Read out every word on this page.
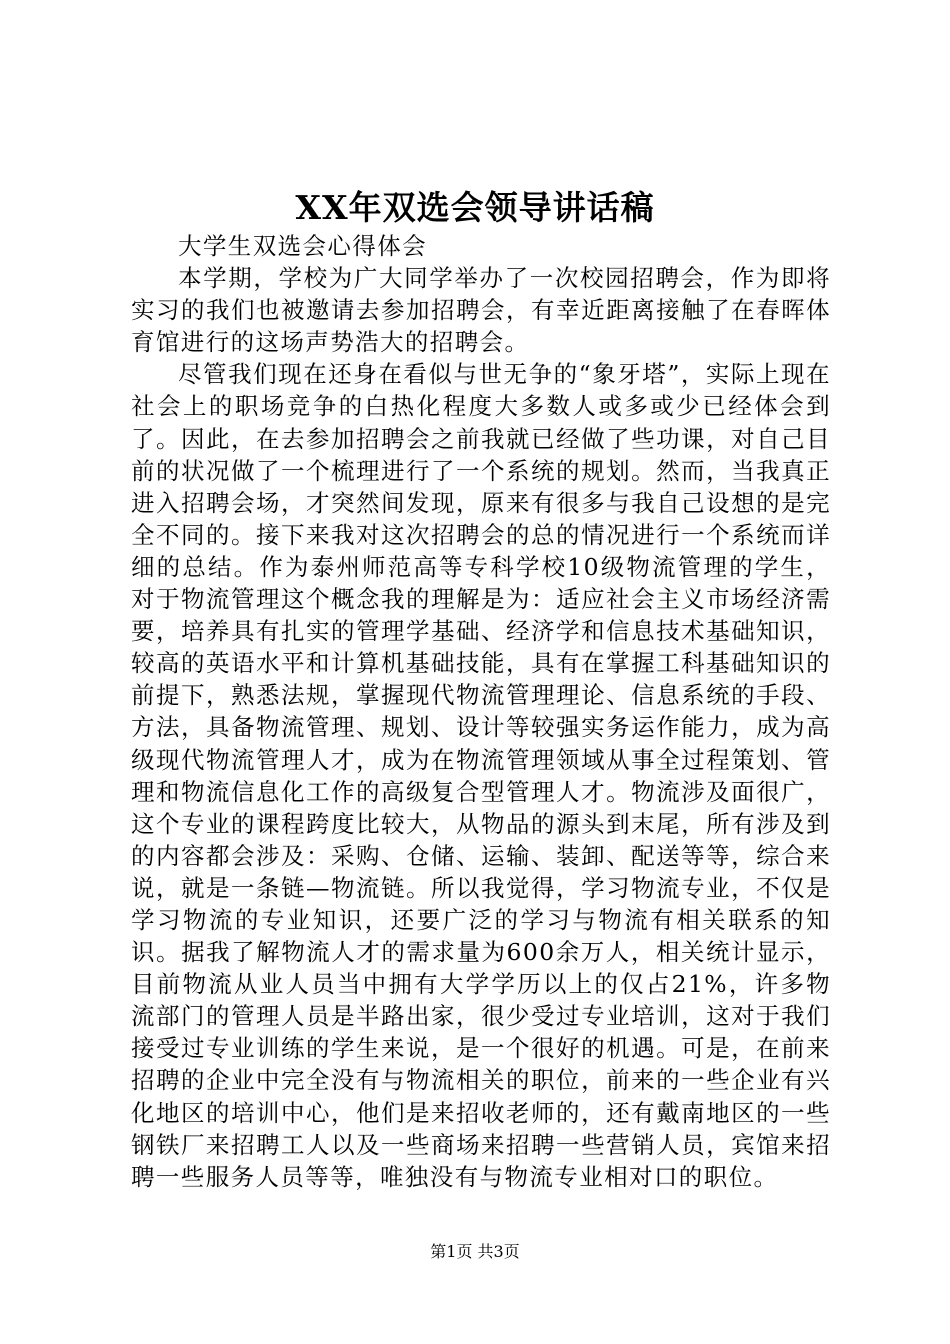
XX年双选会领导讲话稿

大学生双选会心得体会

本学期，学校为广大同学举办了一次校园招聘会，作为即将实习的我们也被邀请去参加招聘会，有幸近距离接触了在春晖体育馆进行的这场声势浩大的招聘会。

尽管我们现在还身在看似与世无争的“象牙塔”，实际上现在社会上的职场竞争的白热化程度大多数人或多或少已经体会到了。因此，在去参加招聘会之前我就已经做了些功课，对自己目前的状况做了一个梳理进行了一个系统的规划。然而，当我真正进入招聘会场，才突然间发现，原来有很多与我自己设想的是完全不同的。接下来我对这次招聘会的总的情况进行一个系统而详细的总结。作为泰州师范高等专科学校10级物流管理的学生，对于物流管理这个概念我的理解是为：适应社会主义市场经济需要，培养具有扎实的管理学基础、经济学和信息技术基础知识，较高的英语水平和计算机基础技能，具有在掌握工科基础知识的前提下，熟悉法规，掌握现代物流管理理论、信息系统的手段、方法，具备物流管理、规划、设计等较强实务运作能力，成为高级现代物流管理人才，成为在物流管理领域从事全过程策划、管理和物流信息化工作的高级复合型管理人才。物流涉及面很广，这个专业的课程跨度比较大，从物品的源头到末尾，所有涉及到的内容都会涉及：采购、仓储、运输、装卸、配送等等，综合来说，就是一条链—物流链。所以我觉得，学习物流专业，不仅是学习物流的专业知识，还要广泛的学习与物流有相关联系的知识。据我了解物流人才的需求量为600余万人，相关统计显示，目前物流从业人员当中拥有大学学历以上的仅占21%，许多物流部门的管理人员是半路出家，很少受过专业培训，这对于我们接受过专业训练的学生来说，是一个很好的机遇。可是，在前来招聘的企业中完全没有与物流相关的职位，前来的一些企业有兴化地区的培训中心，他们是来招收老师的，还有戴南地区的一些钢铁厂来招聘工人以及一些商场来招聘一些营销人员，宾馆来招聘一些服务人员等等，唯独没有与物流专业相对口的职位。

第1页 共3页
